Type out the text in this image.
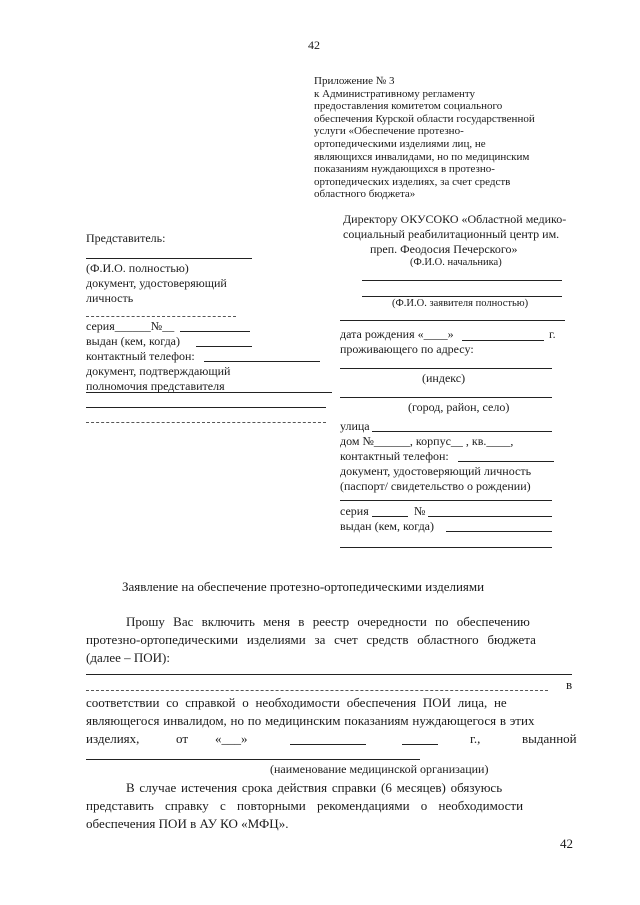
42
Приложение № 3
к Административному регламенту
предоставления комитетом социального
обеспечения Курской области государственной
услуги «Обеспечение протезно-
ортопедическими изделиями лиц, не
являющихся инвалидами, но по медицинским
показаниям нуждающихся в протезно-
ортопедических изделиях, за счет средств
областного бюджета»
Директору ОКУСОКО «Областной медико-
социальный реабилитационный центр им.
преп. Феодосия Печерского»
(Ф.И.О. начальника)
(Ф.И.О. заявителя полностью)
дата рождения «____»	г.
проживающего по адресу:
(индекс)
(город, район, село)
улица
дом №______, корпус__ , кв.____,
контактный телефон:
документ, удостоверяющий личность
(паспорт/ свидетельство о рождении)
серия	№
выдан (кем, когда)
Представитель:
(Ф.И.О. полностью)
документ, удостоверяющий
личность
серия______№__
выдан (кем, когда)
контактный телефон:
документ, подтверждающий
полномочия представителя
Заявление на обеспечение протезно-ортопедическими изделиями
Прошу Вас включить меня в реестр очередности по обеспечению
протезно-ортопедическими изделиями за счет средств областного бюджета
(далее – ПОИ):
в
соответствии со справкой о необходимости обеспечения ПОИ лица, не
являющегося инвалидом, но по медицинским показаниям нуждающегося в этих
изделиях,	от «___»	г.,	выданной
(наименование медицинской организации)
В случае истечения срока действия справки (6 месяцев) обязуюсь
представить справку с повторными рекомендациями о необходимости
обеспечения ПОИ в АУ КО «МФЦ».
42
